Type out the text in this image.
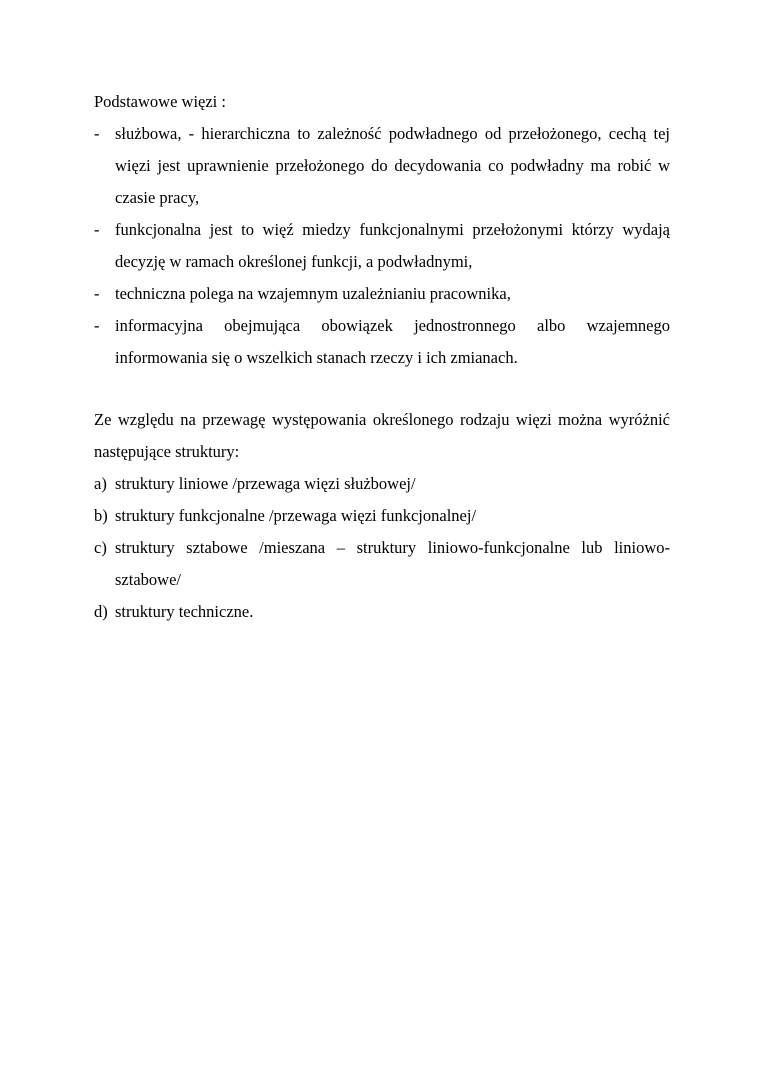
Podstawowe więzi :

- służbowa, - hierarchiczna to zależność podwładnego od przełożonego, cechą tej więzi jest uprawnienie przełożonego do decydowania co podwładny ma robić w czasie pracy,
- funkcjonalna jest to więź miedzy funkcjonalnymi przełożonymi którzy wydają decyzję w ramach określonej funkcji, a podwładnymi,
- techniczna polega na wzajemnym uzależnianiu pracownika,
- informacyjna obejmująca obowiązek jednostronnego albo wzajemnego informowania się o wszelkich stanach rzeczy i ich zmianach.

Ze względu na przewagę występowania określonego rodzaju więzi można wyróżnić następujące struktury:

a) struktury liniowe /przewaga więzi służbowej/
b) struktury funkcjonalne /przewaga więzi funkcjonalnej/
c) struktury sztabowe /mieszana – struktury liniowo-funkcjonalne lub liniowo-sztabowe/
d) struktury techniczne.
